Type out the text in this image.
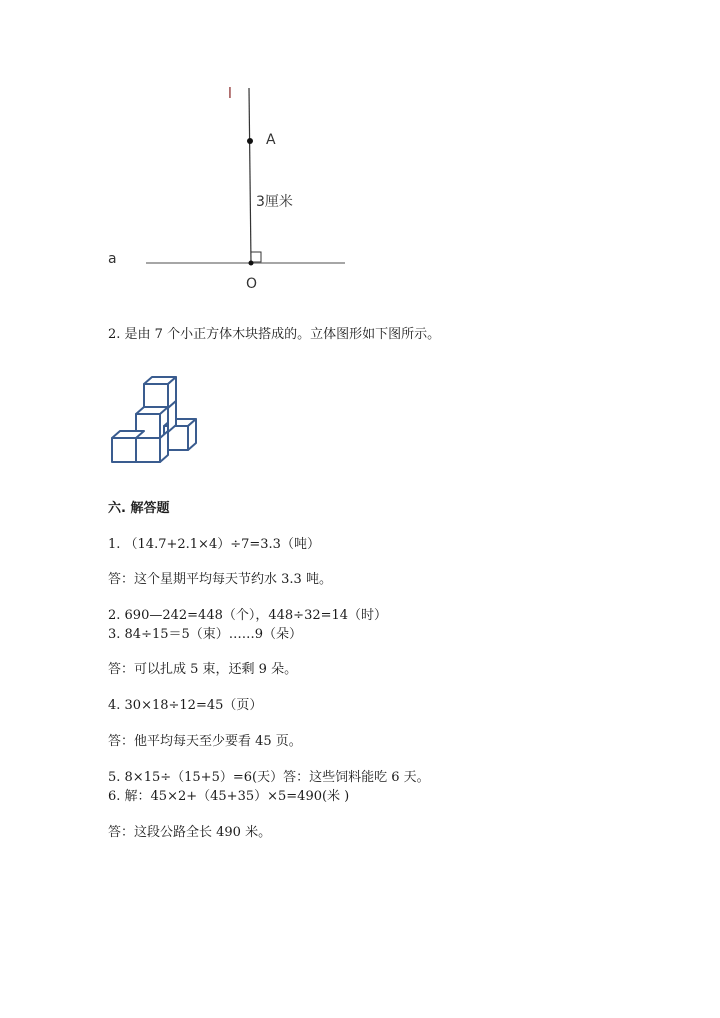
l
A
3厘米
a
O
2. 是由 7 个小正方体木块搭成的。立体图形如下图所示。
六. 解答题
1. （14.7+2.1×4）÷7=3.3（吨）
答：这个星期平均每天节约水 3.3 吨。
2. 690—242=448（个），448÷32=14（时）
3. 84÷15＝5（束）……9（朵）
答：可以扎成 5 束，还剩 9 朵。
4. 30×18÷12=45（页）
答：他平均每天至少要看 45 页。
5. 8×15÷（15+5）=6(天）答：这些饲料能吃 6 天。
6. 解：45×2+（45+35）×5=490(米 )
答：这段公路全长 490 米。
